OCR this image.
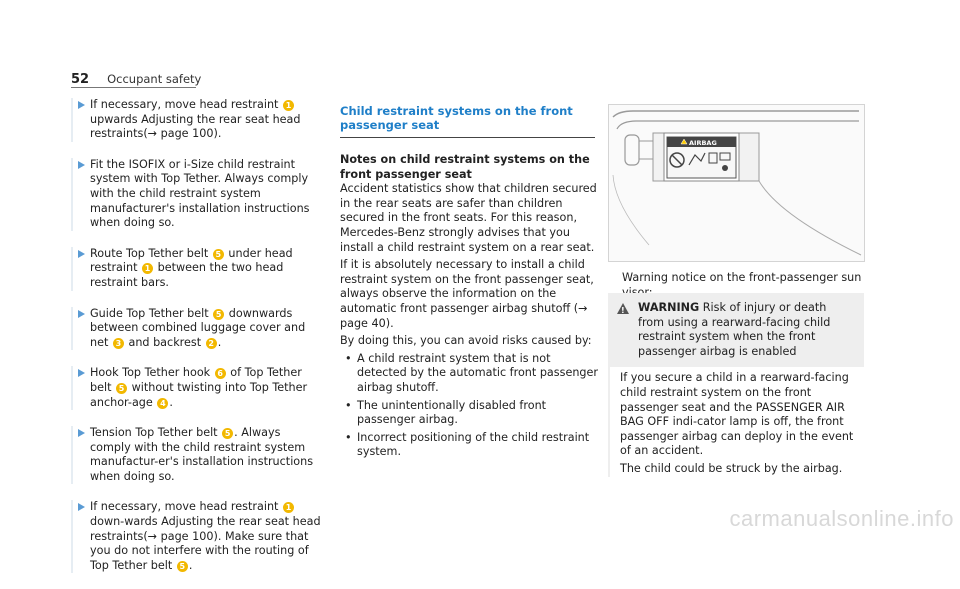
52 Occupant safety
If necessary, move head restraint 1 upwards Adjusting the rear seat head restraints(→ page 100).
Fit the ISOFIX or i-Size child restraint system with Top Tether. Always comply with the child restraint system manufacturer's installation instructions when doing so.
Route Top Tether belt 5 under head restraint 1 between the two head restraint bars.
Guide Top Tether belt 5 downwards between combined luggage cover and net 3 and backrest 2 .
Hook Top Tether hook 6 of Top Tether belt 5 without twisting into Top Tether anchor-age 4 .
Tension Top Tether belt 5 . Always comply with the child restraint system manufactur-er's installation instructions when doing so.
If necessary, move head restraint 1 down-wards Adjusting the rear seat head restraints(→ page 100). Make sure that you do not interfere with the routing of Top Tether belt 5 .
Child restraint systems on the front passenger seat
Notes on child restraint systems on the front passenger seat

Accident statistics show that children secured in the rear seats are safer than children secured in the front seats. For this reason, Mercedes-Benz strongly advises that you install a child restraint system on a rear seat.

If it is absolutely necessary to install a child restraint system on the front passenger seat, always observe the information on the automatic front passenger airbag shutoff (→ page 40).

By doing this, you can avoid risks caused by:

• A child restraint system that is not detected by the automatic front passenger airbag shutoff.
• The unintentionally disabled front passenger airbag.
• Incorrect positioning of the child restraint system.
AIRBAG
Warning notice on the front-passenger sun
! WARNING Risk of injury or death from using a rearward-facing child restraint system when the front passenger airbag is enabled

If you secure a child in a rearward-facing child restraint system on the front passenger seat and the PASSENGER AIR BAG OFF indi-cator lamp is off, the front passenger airbag can deploy in the event of an accident.

The child could be struck by the airbag.

carmanualsonline.info
